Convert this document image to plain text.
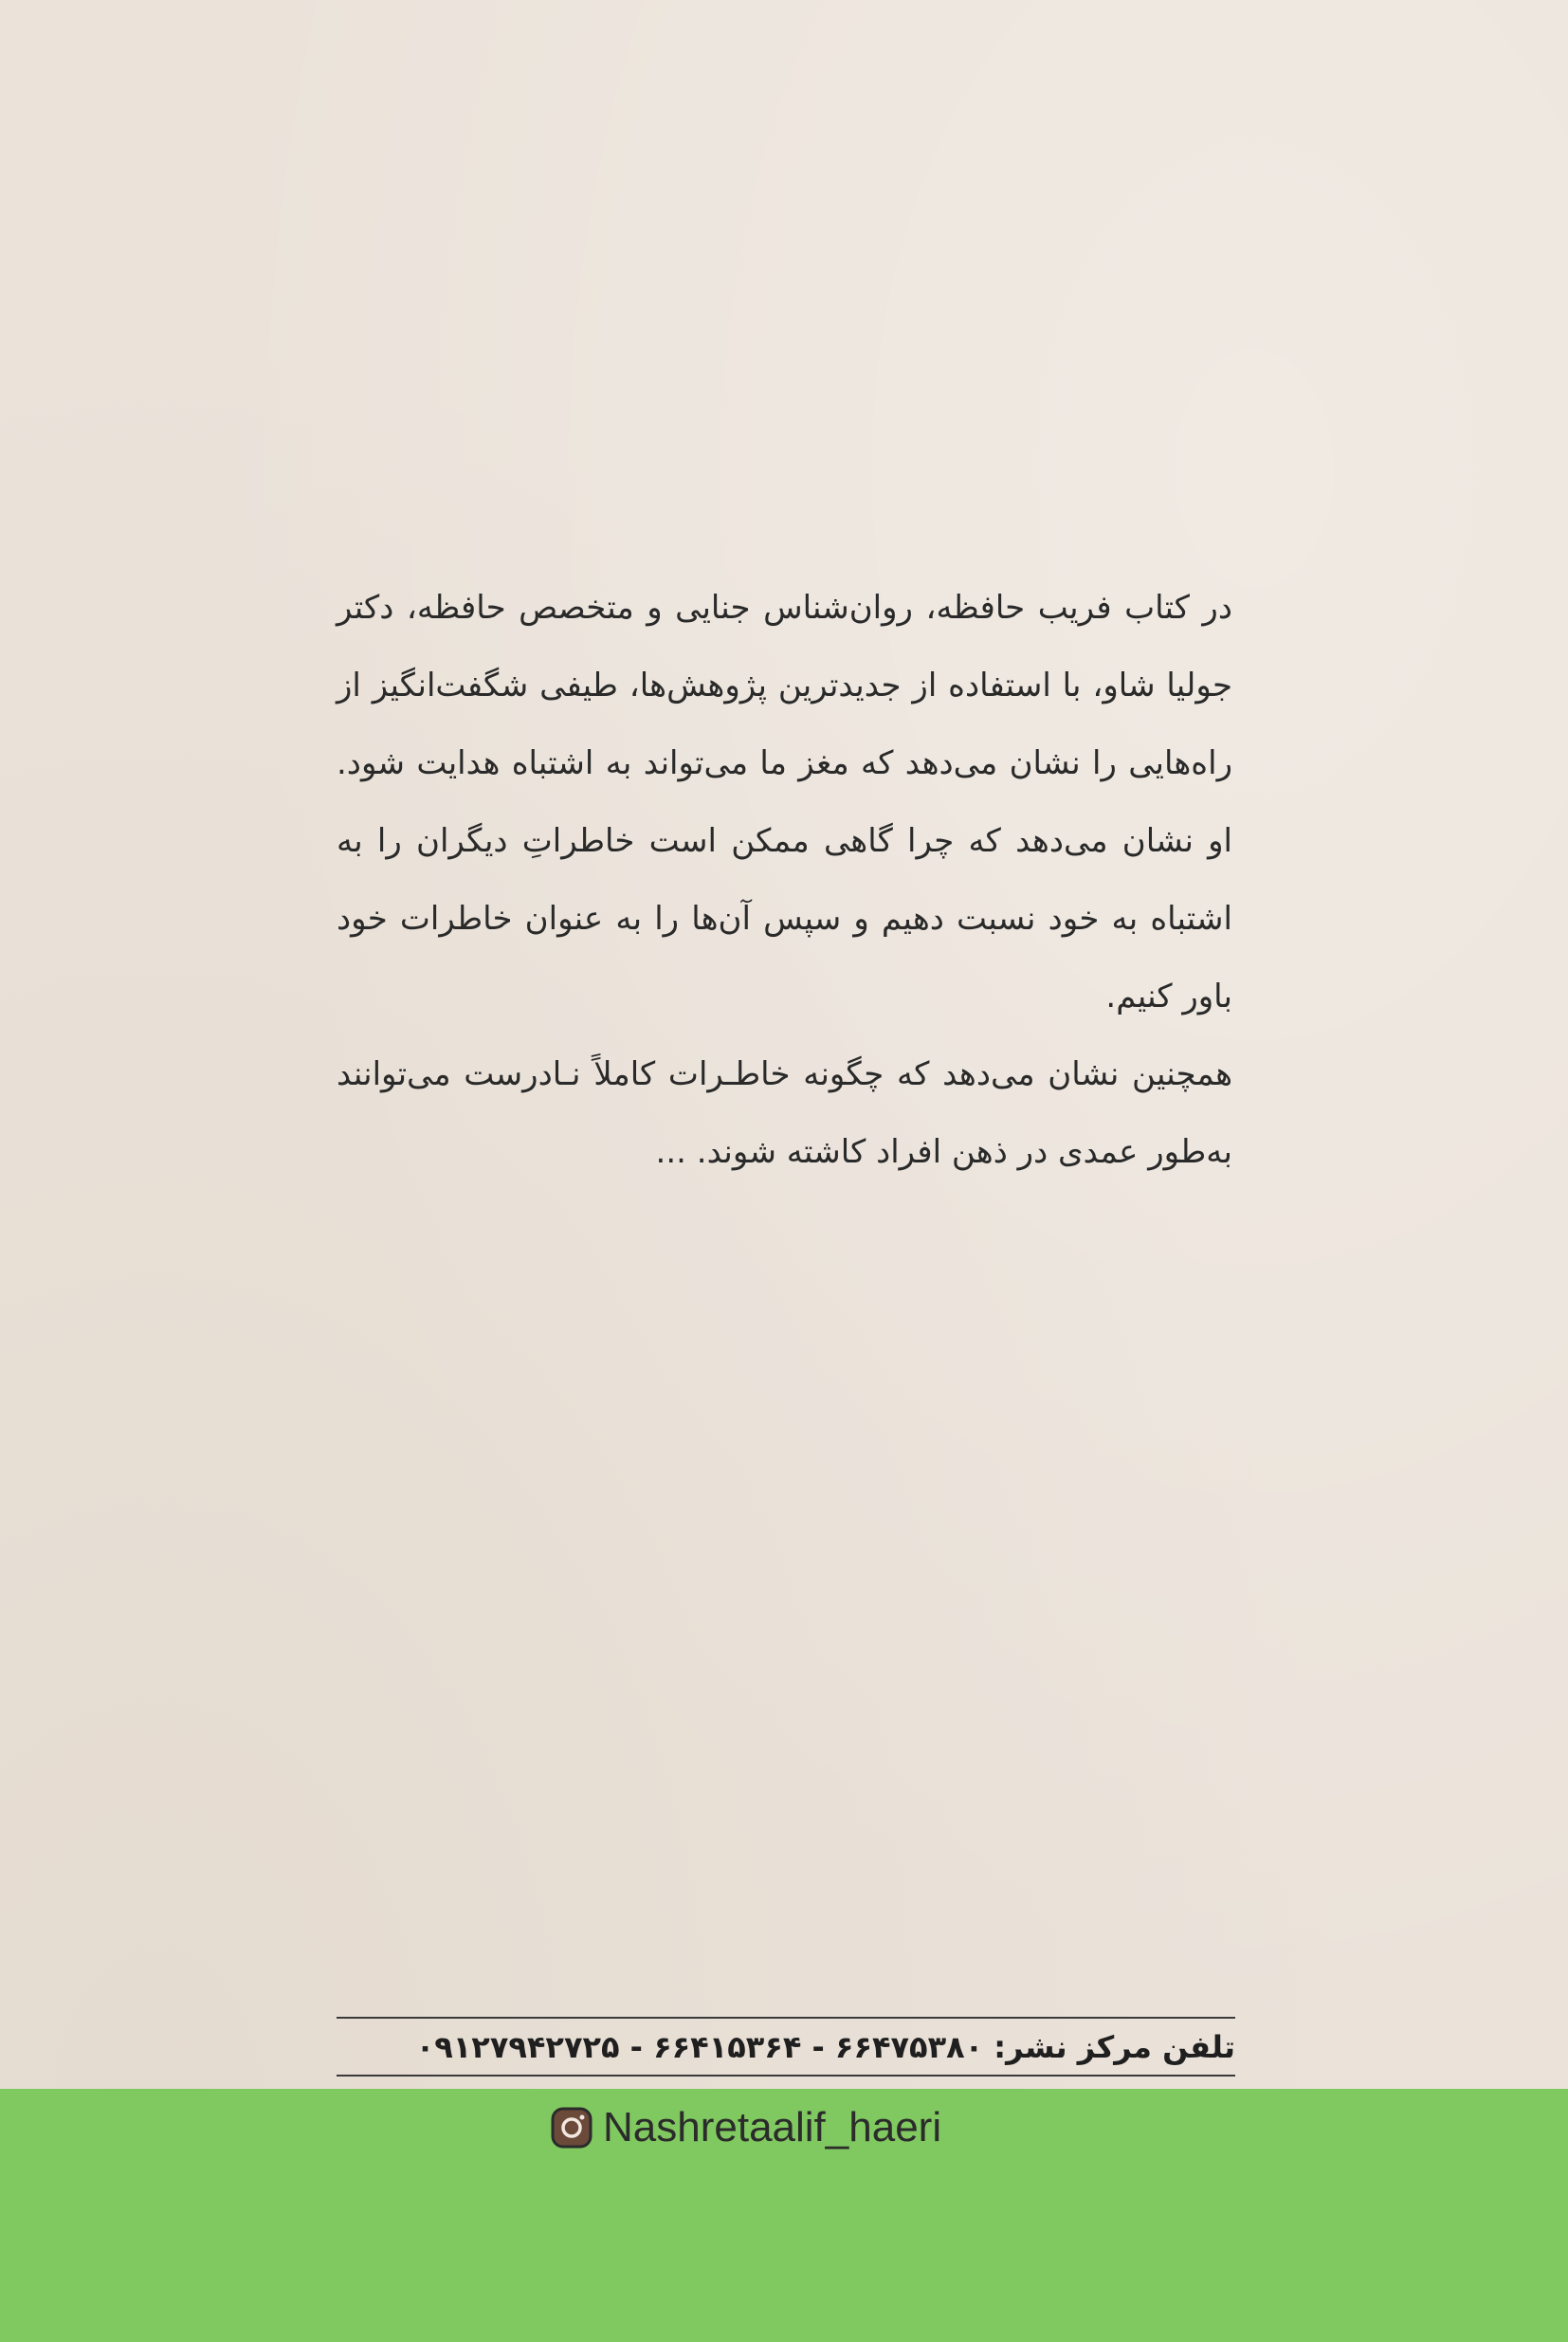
در کتاب فریب حافظه، روان‌شناس جنایی و متخصص حافظه، دکتر جولیا شاو، با استفاده از جدیدترین پژوهش‌ها، طیفی شگفت‌انگیز از راه‌هایی را نشان می‌دهد که مغز ما می‌تواند به اشتباه هدایت شود. او نشان می‌دهد که چرا گاهی ممکن است خاطراتِ دیگران را به اشتباه به خود نسبت دهیم و سپس آن‌ها را به عنوان خاطرات خود باور کنیم.

همچنین نشان می‌دهد که چگونه خاطـرات کاملاً نـادرست می‌توانند به‌طور عمدی در ذهن افراد کاشته شوند. ...

تلفن مرکز نشر: ۶۶۴۷۵۳۸۰ - ۶۶۴۱۵۳۶۴ - ۰۹۱۲۷۹۴۲۷۲۵
Nashretaalif_haeri
